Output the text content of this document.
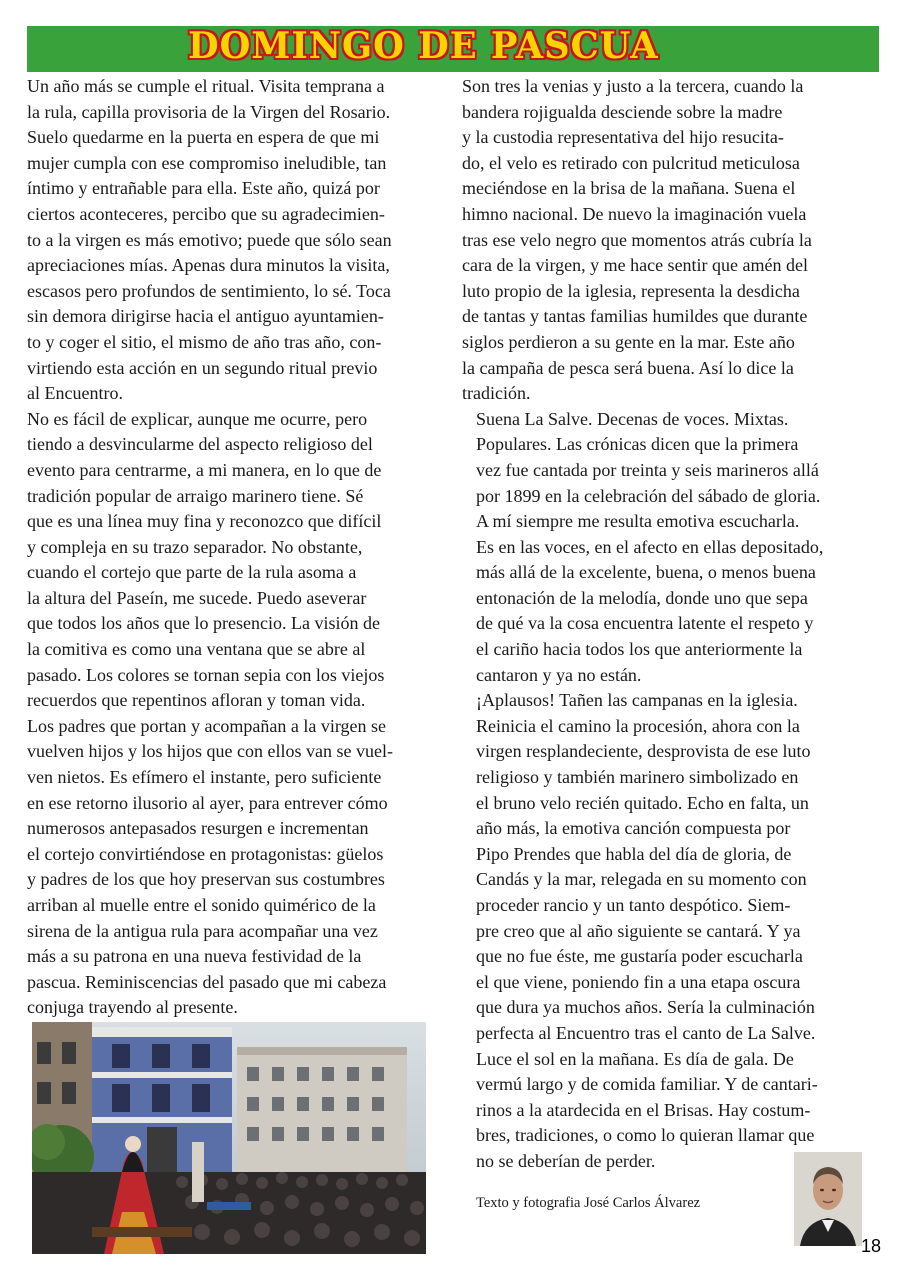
DOMINGO DE PASCUA
Un año más se cumple el ritual. Visita temprana a
la rula, capilla provisoria de la Virgen del Rosario.
Suelo quedarme en la puerta en espera de que mi
mujer cumpla con ese compromiso ineludible, tan
íntimo y entrañable para ella. Este año, quizá por
ciertos aconteceres, percibo que su agradecimien-
to a la virgen es más emotivo; puede que sólo sean
apreciaciones mías. Apenas dura minutos la visita,
escasos pero profundos de sentimiento, lo sé. Toca
sin demora dirigirse hacia el antiguo ayuntamien-
to y coger el sitio, el mismo de año tras año, con-
virtiendo esta acción en un segundo ritual previo
al Encuentro.
No es fácil de explicar, aunque me ocurre, pero
tiendo a desvincularme del aspecto religioso del
evento para centrarme, a mi manera, en lo que de
tradición popular de arraigo marinero tiene. Sé
que es una línea muy fina y reconozco que difícil
y compleja en su trazo separador. No obstante,
cuando el cortejo que parte de la rula asoma a
la altura del Paseín, me sucede. Puedo aseverar
que todos los años que lo presencio. La visión de
la comitiva es como una ventana que se abre al
pasado. Los colores se tornan sepia con los viejos
recuerdos que repentinos afloran y toman vida.
Los padres que portan y acompañan a la virgen se
vuelven hijos y los hijos que con ellos van se vuel-
ven nietos. Es efímero el instante, pero suficiente
en ese retorno ilusorio al ayer, para entrever cómo
numerosos antepasados resurgen e incrementan
el cortejo convirtiéndose en protagonistas: güelos
y padres de los que hoy preservan sus costumbres
arriban al muelle entre el sonido quimérico de la
sirena de la antigua rula para acompañar una vez
más a su patrona en una nueva festividad de la
pascua. Reminiscencias del pasado que mi cabeza
conjuga trayendo al presente.
Son tres la venias y justo a la tercera, cuando la
bandera rojigualda desciende sobre la madre
y la custodia representativa del hijo resucita-
do, el velo es retirado con pulcritud meticulosa
meciéndose en la brisa de la mañana. Suena el
himno nacional. De nuevo la imaginación vuela
tras ese velo negro que momentos atrás cubría la
cara de la virgen, y me hace sentir que amén del
luto propio de la iglesia, representa la desdicha
de tantas y tantas familias humildes que durante
siglos perdieron a su gente en la mar. Este año
la campaña de pesca será buena. Así lo dice la
tradición.
Suena La Salve. Decenas de voces. Mixtas.
Populares. Las crónicas dicen que la primera
vez fue cantada por treinta y seis marineros allá
por 1899 en la celebración del sábado de gloria.
A mí siempre me resulta emotiva escucharla.
Es en las voces, en el afecto en ellas depositado,
más allá de la excelente, buena, o menos buena
entonación de la melodía, donde uno que sepa
de qué va la cosa encuentra latente el respeto y
el cariño hacia todos los que anteriormente la
cantaron y ya no están.
¡Aplausos! Tañen las campanas en la iglesia.
Reinicia el camino la procesión, ahora con la
virgen resplandeciente, desprovista de ese luto
religioso y también marinero simbolizado en
el bruno velo recién quitado. Echo en falta, un
año más, la emotiva canción compuesta por
Pipo Prendes que habla del día de gloria, de
Candás y la mar, relegada en su momento con
proceder rancio y un tanto despótico. Siem-
pre creo que al año siguiente se cantará. Y ya
que no fue éste, me gustaría poder escucharla
el que viene, poniendo fin a una etapa oscura
que dura ya muchos años. Sería la culminación
perfecta al Encuentro tras el canto de La Salve.
Luce el sol en la mañana. Es día de gala. De
vermú largo y de comida familiar. Y de cantari-
rinos a la atardecida en el Brisas. Hay costum-
bres, tradiciones, o como lo quieran llamar que
no se deberían de perder.
Texto y fotografia José Carlos Álvarez
18
